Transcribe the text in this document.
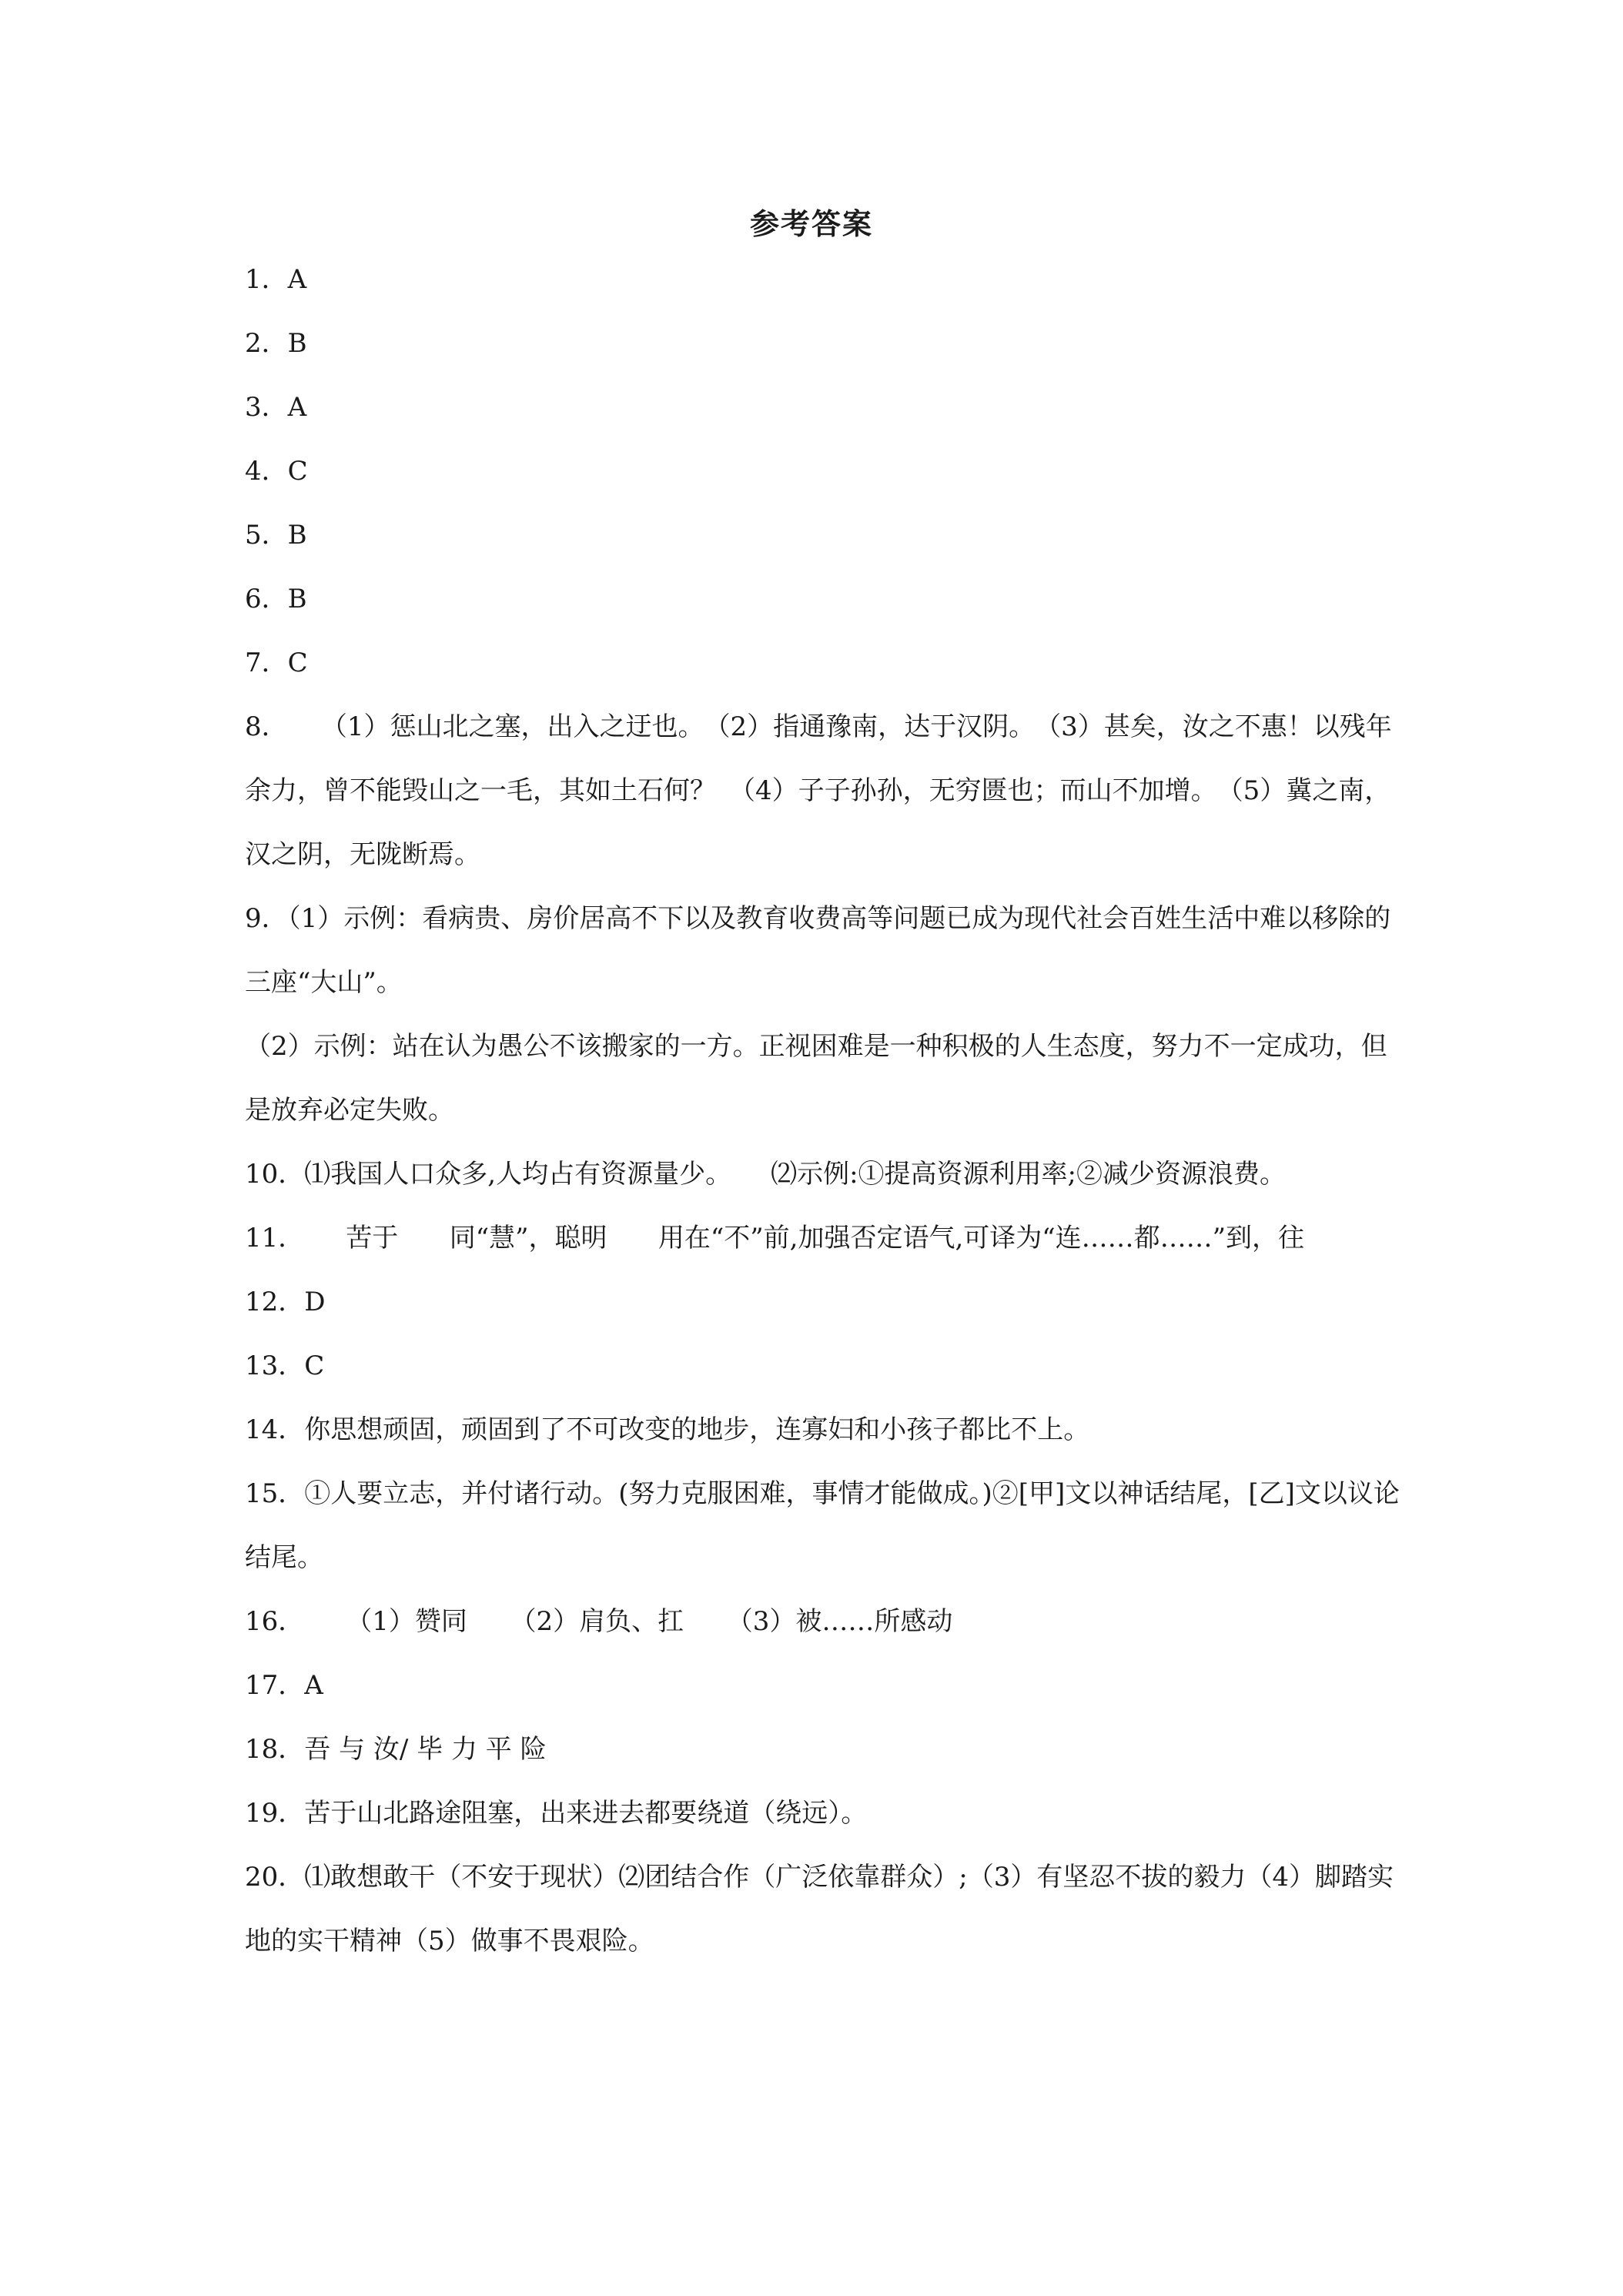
参考答案

1．A

2．B

3．A

4．C

5．B

6．B

7．C

8．    （1）惩山北之塞，出入之迂也。　（2）指通豫南，达于汉阴。　（3）甚矣，汝之不惠！以残年余力，曾不能毁山之一毛，其如土石何？　（4）子子孙孙，无穷匮也；而山不加增。　（5）冀之南，汉之阴，无陇断焉。

9．（1）示例：看病贵、房价居高不下以及教育收费高等问题已成为现代社会百姓生活中难以移除的三座“大山”。

（2）示例：站在认为愚公不该搬家的一方。正视困难是一种积极的人生态度，努力不一定成功，但是放弃必定失败。

10．⑴我国人口众多,人均占有资源量少。　　⑵示例:①提高资源利用率;②减少资源浪费。

11．     苦于　   同“慧”，聪明　   用在“不”前,加强否定语气,可译为“连……都……”到，往

12．D

13．C

14．你思想顽固，顽固到了不可改变的地步，连寡妇和小孩子都比不上。

15．①人要立志，并付诸行动。(努力克服困难，事情才能做成。)②[甲]文以神话结尾，[乙]文以议论结尾。

16．     （1）赞同　  （2）肩负、扛　  （3）被……所感动

17．A

18．吾 与 汝/ 毕 力 平 险

19．苦于山北路途阻塞，出来进去都要绕道（绕远）。

20．⑴敢想敢干（不安于现状）⑵团结合作（广泛依靠群众）;（3）有坚忍不拔的毅力（4）脚踏实地的实干精神（5）做事不畏艰险。
